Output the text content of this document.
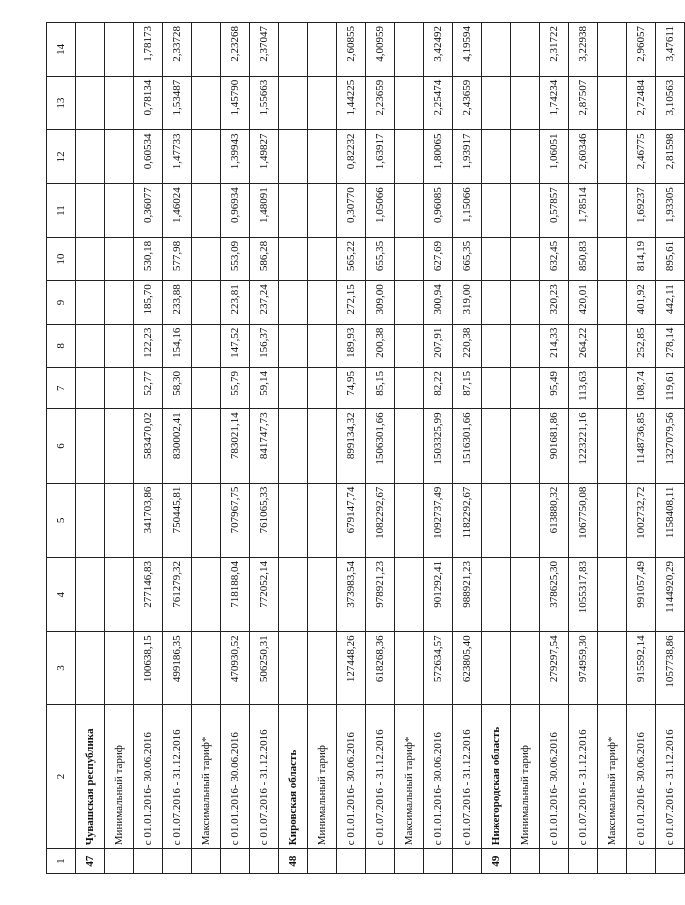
1	2	3	4	5	6	7	8	9	10	11	12	13	14
47	Чувашская республика												
	Минимальный тариф												
	с 01.01.2016- 30.06.2016	100638,15	277146,83	341703,86	583470,02	52,77	122,23	185,70	530,18	0,36077	0,60534	0,78134	1,78173
	с 01.07.2016 - 31.12.2016	499186,35	761279,32	750445,81	830002,41	58,30	154,16	233,88	577,98	1,46024	1,47733	1,53487	2,33728
	Максимальный тариф*												
	с 01.01.2016- 30.06.2016	470930,52	718188,04	707967,75	783021,14	55,79	147,52	223,81	553,09	0,96934	1,39943	1,45790	2,23268
	с 01.07.2016 - 31.12.2016	506250,31	772052,14	761065,33	841747,73	59,14	156,37	237,24	586,28	1,48091	1,49827	1,55663	2,37047
48	Кировская область												
	Минимальный тариф												
	с 01.01.2016- 30.06.2016	127448,26	373983,54	679147,74	899134,32	74,95	189,93	272,15	565,22	0,30770	0,82232	1,44225	2,60855
	с 01.07.2016 - 31.12.2016	618268,36	978921,23	1082292,67	1506301,66	85,15	200,38	309,00	655,35	1,05066	1,63917	2,23659	4,00959
	Максимальный тариф*												
	с 01.01.2016- 30.06.2016	572634,57	901292,41	1092737,49	1503325,99	82,22	207,91	300,94	627,69	0,96085	1,80065	2,25474	3,42492
	с 01.07.2016 - 31.12.2016	623805,40	988921,23	1182292,67	1516301,66	87,15	220,38	319,00	665,35	1,15066	1,93917	2,43659	4,19594
49	Нижегородская область												
	Минимальный тариф												
	с 01.01.2016- 30.06.2016	279297,54	378625,30	613880,32	901681,86	95,49	214,33	320,23	632,45	0,57857	1,06051	1,74234	2,31722
	с 01.07.2016 - 31.12.2016	974959,30	1055317,83	1067750,08	1223221,16	113,63	264,22	420,01	850,83	1,78514	2,60346	2,87507	3,22938
	Максимальный тариф*												
	с 01.01.2016- 30.06.2016	915592,14	991057,49	1002732,72	1148736,85	108,74	252,85	401,92	814,19	1,69237	2,46775	2,72484	2,96057
	с 01.07.2016 - 31.12.2016	1057738,86	1144920,29	1158408,11	1327079,56	119,61	278,14	442,11	895,61	1,93305	2,81598	3,10563	3,47611
